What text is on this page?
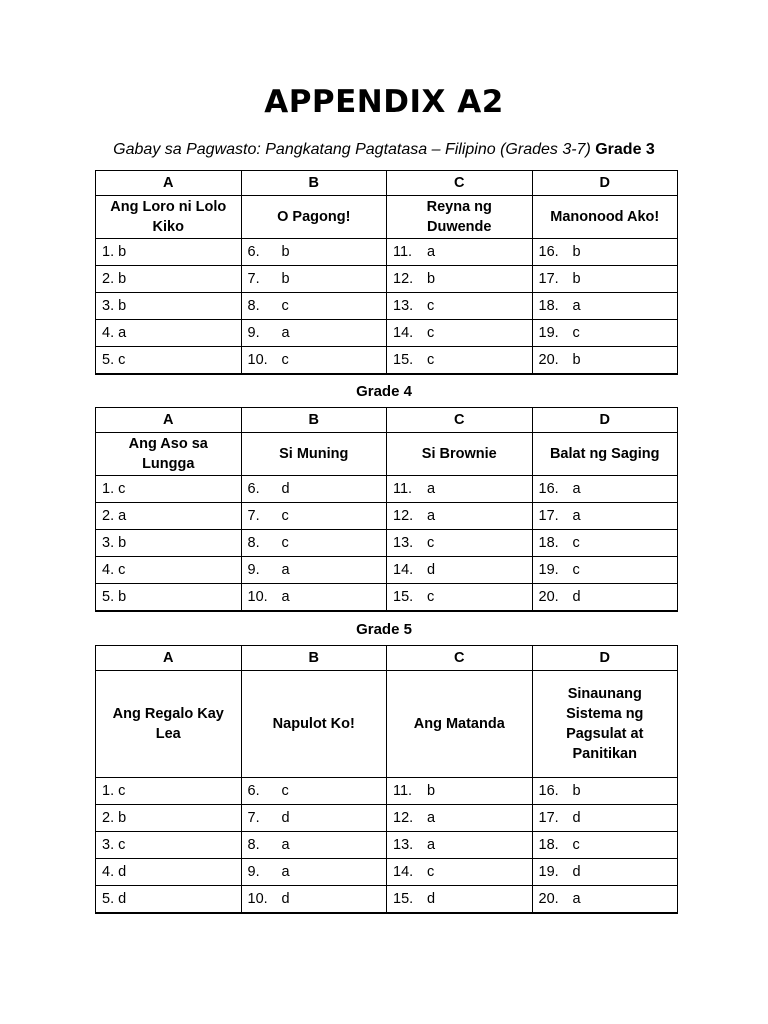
APPENDIX A2

Gabay sa Pagwasto: Pangkatang Pagtatasa – Filipino (Grades 3-7) Grade 3

A	B	C	D
Ang Loro ni Lolo Kiko	O Pagong!	Reyna ng Duwende	Manonood Ako!
1. b	6. b	11. a	16. b
2. b	7. b	12. b	17. b
3. b	8. c	13. c	18. a
4. a	9. a	14. c	19. c
5. c	10. c	15. c	20. b

Grade 4

A	B	C	D
Ang Aso sa Lungga	Si Muning	Si Brownie	Balat ng Saging
1. c	6. d	11. a	16. a
2. a	7. c	12. a	17. a
3. b	8. c	13. c	18. c
4. c	9. a	14. d	19. c
5. b	10. a	15. c	20. d

Grade 5

A	B	C	D
Ang Regalo Kay Lea	Napulot Ko!	Ang Matanda	Sinaunang Sistema ng Pagsulat at Panitikan
1. c	6. c	11. b	16. b
2. b	7. d	12. a	17. d
3. c	8. a	13. a	18. c
4. d	9. a	14. c	19. d
5. d	10. d	15. d	20. a
